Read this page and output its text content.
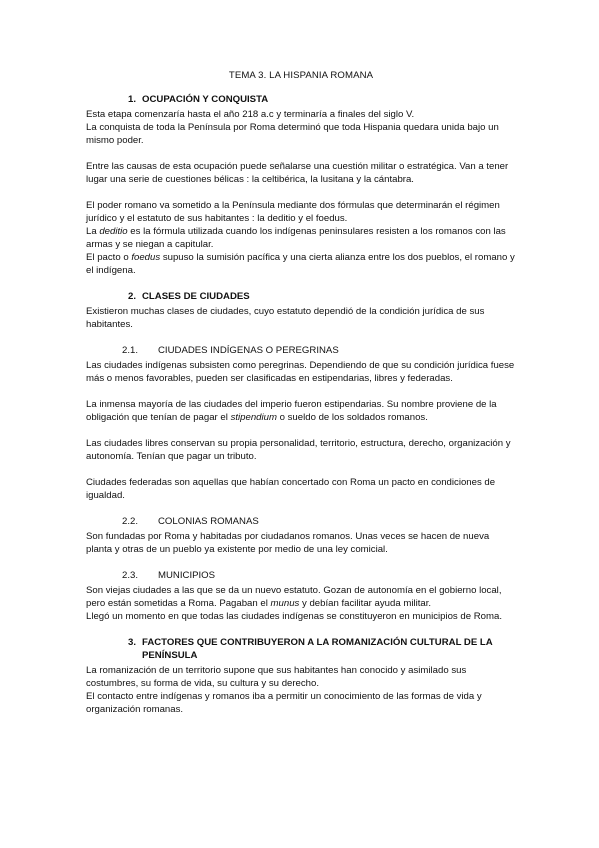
TEMA 3. LA HISPANIA ROMANA
1. OCUPACIÓN Y CONQUISTA

Esta etapa comenzaría hasta el año 218 a.c y terminaría a finales del siglo V.

La conquista de toda la Península por Roma determinó que toda Hispania quedara unida bajo un mismo poder.

Entre las causas de esta ocupación puede señalarse una cuestión militar o estratégica. Van a tener lugar una serie de cuestiones bélicas : la celtibérica, la lusitana y la cántabra.

El poder romano va sometido a la Península mediante dos fórmulas que determinarán el régimen jurídico y el estatuto de sus habitantes : la deditio y el foedus.

La deditio es la fórmula utilizada cuando los indígenas peninsulares resisten a los romanos con las armas y se niegan a capitular.

El pacto o foedus supuso la sumisión pacífica y una cierta alianza entre los dos pueblos, el romano y el indígena.

2. CLASES DE CIUDADES

Existieron muchas clases de ciudades, cuyo estatuto dependió de la condición jurídica de sus habitantes.

2.1.	CIUDADES INDÍGENAS O PEREGRINAS

Las ciudades indígenas subsisten como peregrinas. Dependiendo de que su condición jurídica fuese más o menos favorables, pueden ser clasificadas en estipendarias, libres y federadas.

La inmensa mayoría de las ciudades del imperio fueron estipendarias. Su nombre proviene de la obligación que tenían de pagar el stipendium o sueldo de los soldados romanos.

Las ciudades libres conservan su propia personalidad, territorio, estructura, derecho, organización y autonomía. Tenían que pagar un tributo.

Ciudades federadas son aquellas que habían concertado con Roma un pacto en condiciones de igualdad.

2.2.	COLONIAS ROMANAS

Son fundadas por Roma y habitadas por ciudadanos romanos. Unas veces se hacen de nueva planta y otras de un pueblo ya existente por medio de una ley comicial.

2.3.	MUNICIPIOS

Son viejas ciudades a las que se da un nuevo estatuto. Gozan de autonomía en el gobierno local, pero están sometidas a Roma. Pagaban el munus y debían facilitar ayuda militar.

Llegó un momento en que todas las ciudades indígenas se constituyeron en municipios de Roma.

3. FACTORES QUE CONTRIBUYERON A LA ROMANIZACIÓN CULTURAL DE LA PENÍNSULA

La romanización de un territorio supone que sus habitantes han conocido y asimilado sus costumbres, su forma de vida, su cultura y su derecho.

El contacto entre indígenas y romanos iba a permitir un conocimiento de las formas de vida y organización romanas.
